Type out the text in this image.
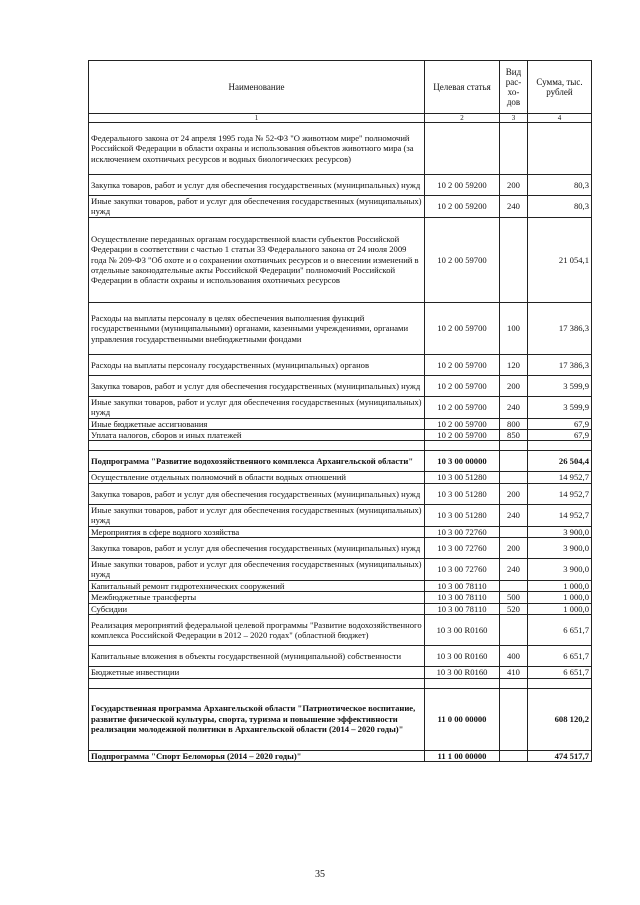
Наименование	Целевая статья	Вид рас-хо-дов	Сумма, тыс. рублей
1	2	3	4
Федерального закона от 24 апреля 1995 года № 52-ФЗ "О животном мире" полномочий Российской Федерации в области охраны и использования объектов животного мира (за исключением охотничьих ресурсов и водных биологических ресурсов)			
Закупка товаров, работ и услуг для обеспечения государственных (муниципальных) нужд	10 2 00 59200	200	80,3
Иные закупки товаров, работ и услуг для обеспечения государственных (муниципальных) нужд	10 2 00 59200	240	80,3
Осуществление переданных органам государственной власти субъектов Российской Федерации в соответствии с частью 1 статьи 33 Федерального закона от 24 июля 2009 года № 209-ФЗ "Об охоте и о сохранении охотничьих ресурсов и о внесении изменений в отдельные законодательные акты Российской Федерации" полномочий Российской Федерации в области охраны и использования охотничьих ресурсов	10 2 00 59700		21 054,1
Расходы на выплаты персоналу в целях обеспечения выполнения функций государственными (муниципальными) органами, казенными учреждениями, органами управления государственными внебюджетными фондами	10 2 00 59700	100	17 386,3
Расходы на выплаты персоналу государственных (муниципальных) органов	10 2 00 59700	120	17 386,3
Закупка товаров, работ и услуг для обеспечения государственных (муниципальных) нужд	10 2 00 59700	200	3 599,9
Иные закупки товаров, работ и услуг для обеспечения государственных (муниципальных) нужд	10 2 00 59700	240	3 599,9
Иные бюджетные ассигнования	10 2 00 59700	800	67,9
Уплата налогов, сборов и иных платежей	10 2 00 59700	850	67,9

Подпрограмма "Развитие водохозяйственного комплекса Архангельской области"	10 3 00 00000		26 504,4
Осуществление отдельных полномочий в области водных отношений	10 3 00 51280		14 952,7
Закупка товаров, работ и услуг для обеспечения государственных (муниципальных) нужд	10 3 00 51280	200	14 952,7
Иные закупки товаров, работ и услуг для обеспечения государственных (муниципальных) нужд	10 3 00 51280	240	14 952,7
Мероприятия в сфере водного хозяйства	10 3 00 72760		3 900,0
Закупка товаров, работ и услуг для обеспечения государственных (муниципальных) нужд	10 3 00 72760	200	3 900,0
Иные закупки товаров, работ и услуг для обеспечения государственных (муниципальных) нужд	10 3 00 72760	240	3 900,0
Капитальный ремонт гидротехнических сооружений	10 3 00 78110		1 000,0
Межбюджетные трансферты	10 3 00 78110	500	1 000,0
Субсидии	10 3 00 78110	520	1 000,0
Реализация мероприятий федеральной целевой программы "Развитие водохозяйственного комплекса Российской Федерации в 2012 – 2020 годах" (областной бюджет)	10 3 00 R0160		6 651,7
Капитальные вложения в объекты государственной (муниципальной) собственности	10 3 00 R0160	400	6 651,7
Бюджетные инвестиции	10 3 00 R0160	410	6 651,7

Государственная программа Архангельской области "Патриотическое воспитание, развитие физической культуры, спорта, туризма и повышение эффективности реализации молодежной политики в Архангельской области (2014 – 2020 годы)"	11 0 00 00000		608 120,2
Подпрограмма "Спорт Беломорья (2014 – 2020 годы)"	11 1 00 00000		474 517,7
35
